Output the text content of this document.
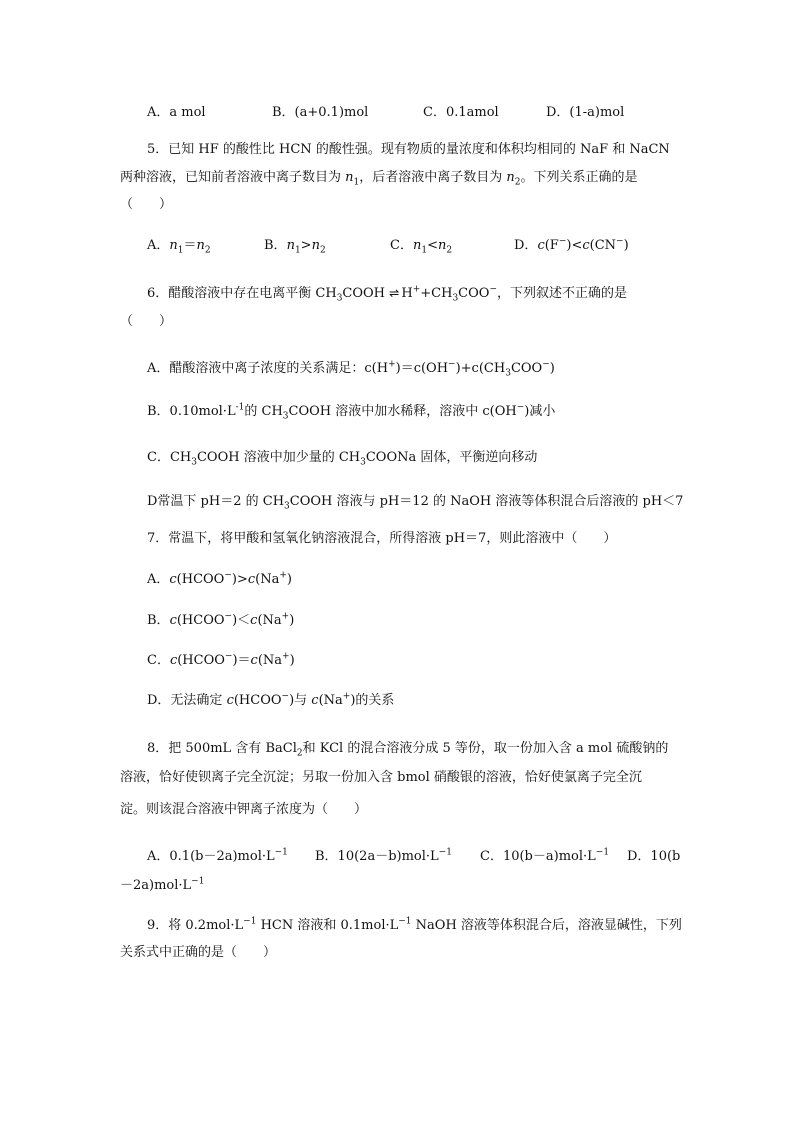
A．a mol	B．(a+0.1)mol	C．0.1amol	D．(1-a)mol
5．已知 HF 的酸性比 HCN 的酸性强。现有物质的量浓度和体积均相同的 NaF 和 NaCN
两种溶液，已知前者溶液中离子数目为 $n_1$，后者溶液中离子数目为 $n_2$。下列关系正确的是
（　　）
A．$n_1=n_2$	B．$n_1>n_2$	C．$n_1<n_2$	D．c(F−)<c(CN−)
6．醋酸溶液中存在电离平衡 $CH_3COOH$ ⇌ $H^++CH_3COO^-$，下列叙述不正确的是
（　　）
A．醋酸溶液中离子浓度的关系满足：$c(H^+)=c(OH^-)+c(CH_3COO^-)$
B．$0.10mol\cdot L^{-1}$的 $CH_3COOH$ 溶液中加水稀释，溶液中 c(OH−)减小
C．$CH_3COOH$ 溶液中加少量的 $CH_3COONa$ 固体，平衡逆向移动
D常温下 pH＝2 的 $CH_3COOH$ 溶液与 pH＝12 的 NaOH 溶液等体积混合后溶液的 pH＜7
7．常温下，将甲酸和氢氧化钠溶液混合，所得溶液 pH＝7，则此溶液中（　　）
A．c(HCOO−)>c(Na+)
B．c(HCOO−)＜c(Na+)
C．c(HCOO−)＝c(Na+)
D．无法确定 c(HCOO−)与 c(Na+)的关系
8．把 500mL 含有 BaCl$_2$和 KCl 的混合溶液分成 5 等份，取一份加入含 a mol 硫酸钠的
溶液，恰好使钡离子完全沉淀；另取一份加入含 bmol 硝酸银的溶液，恰好使氯离子完全沉
淀。则该混合溶液中钾离子浓度为（　　）
A．$0.1(b-2a)mol\cdot L^{-1}$ B．$10(2a-b)mol\cdot L^{-1}$ C．$10(b-a)mol\cdot L^{-1}$ D．10(b
$-2a)mol\cdot L^{-1}$
9．将 $0.2mol\cdot L^{-1}$ HCN 溶液和 $0.1mol\cdot L^{-1}$ NaOH 溶液等体积混合后，溶液显碱性，下列
关系式中正确的是（　　）
